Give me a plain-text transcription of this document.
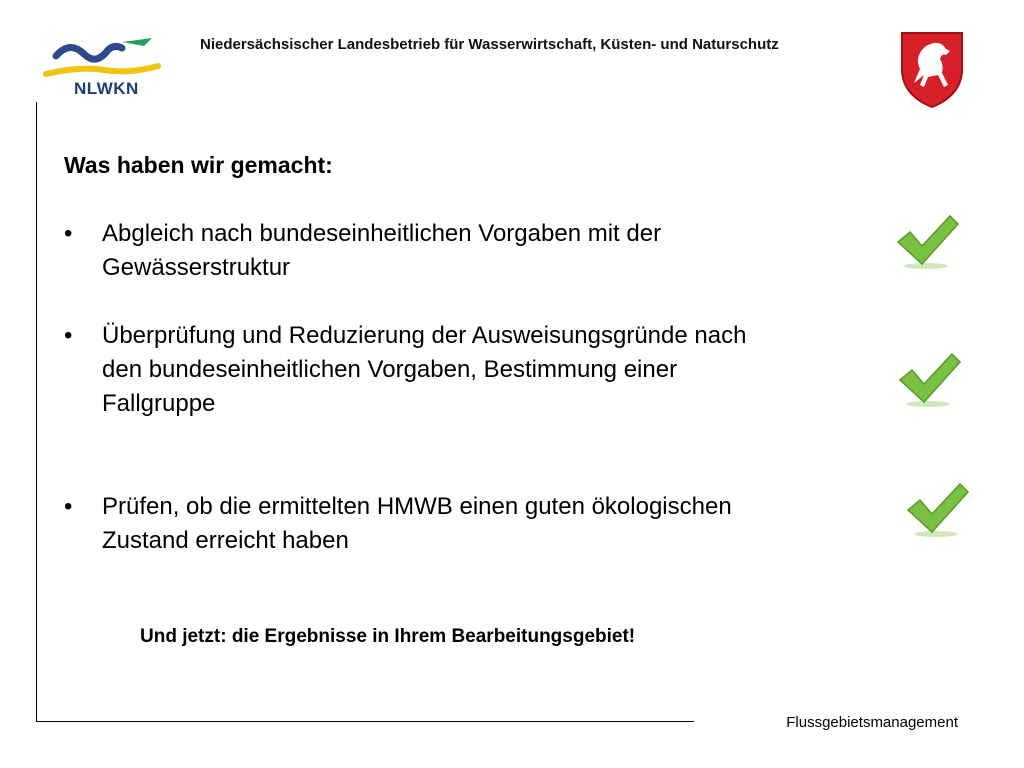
NLWKN
Niedersächsischer Landesbetrieb für Wasserwirtschaft, Küsten- und Naturschutz
Was haben wir gemacht:
• Abgleich nach bundeseinheitlichen Vorgaben mit der
Gewässerstruktur
• Überprüfung und Reduzierung der Ausweisungsgründe nach
den bundeseinheitlichen Vorgaben, Bestimmung einer
Fallgruppe
• Prüfen, ob die ermittelten HMWB einen guten ökologischen
Zustand erreicht haben
Und jetzt: die Ergebnisse in Ihrem Bearbeitungsgebiet!
Flussgebietsmanagement
